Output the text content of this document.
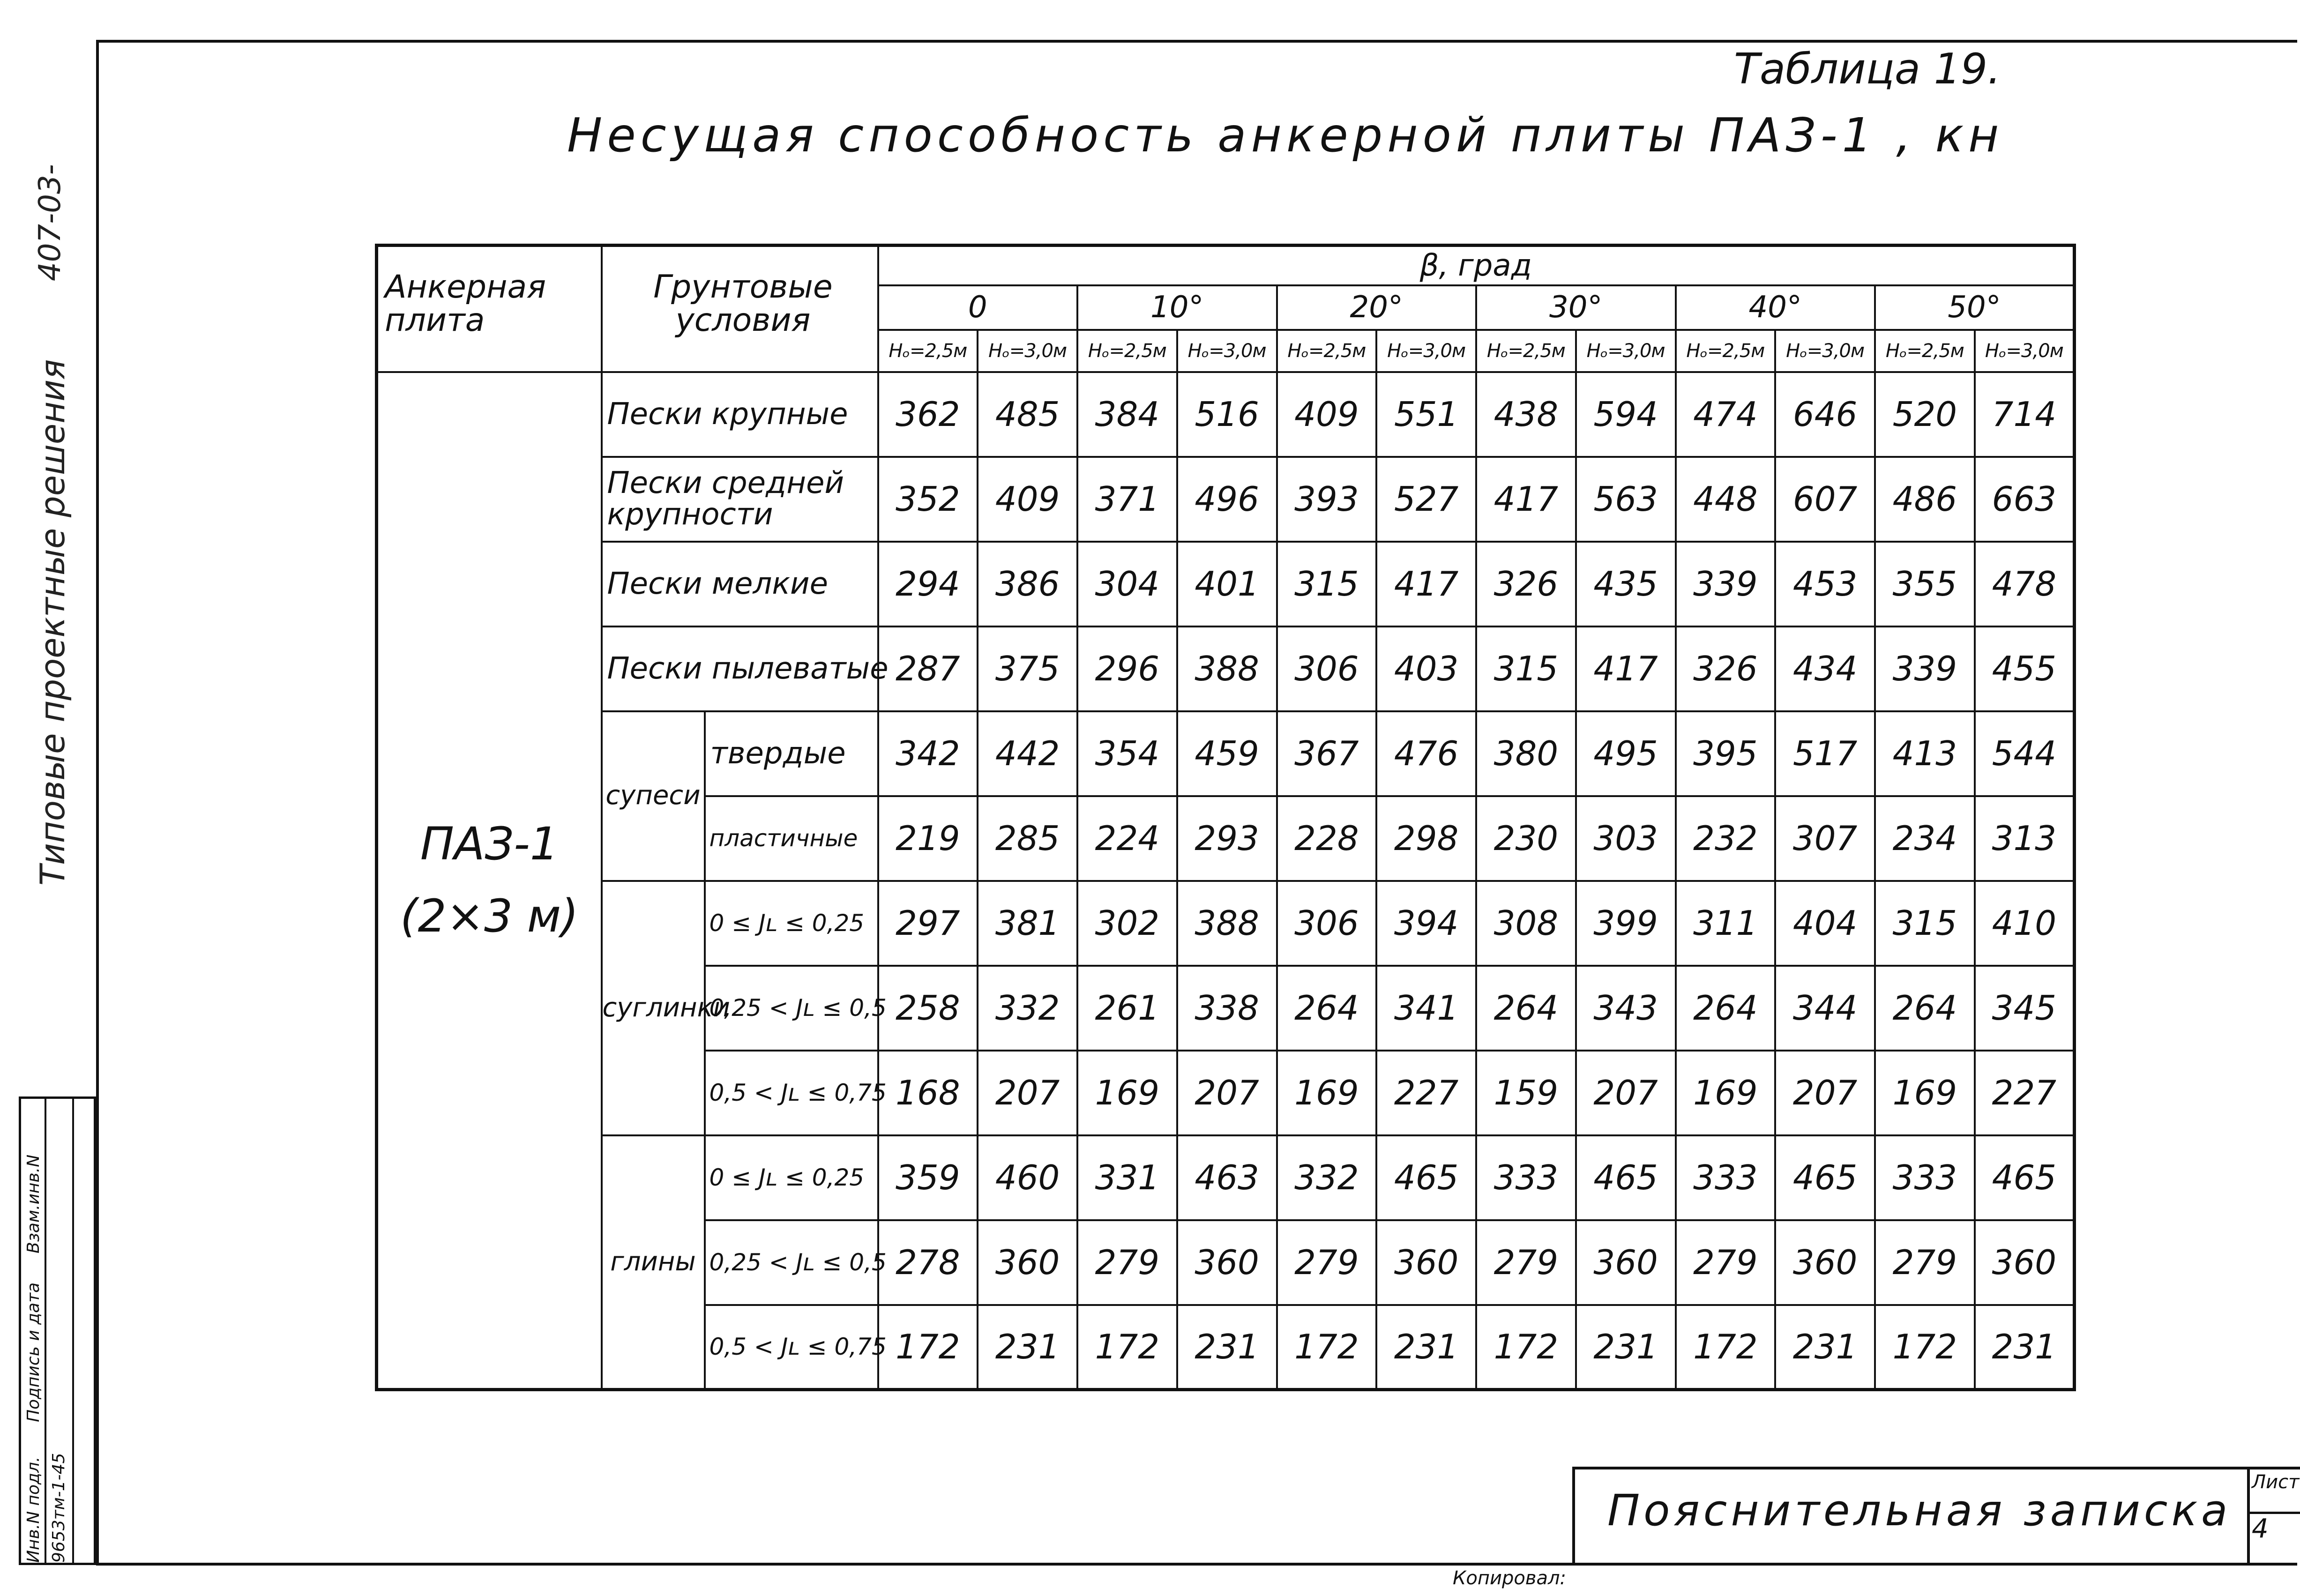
Типовые проектные решения
407-03-
Инв.N подл. 9653тм-1-45
Подпись и дата
Взам.инв.N
Таблица 19.
Несущая способность анкерной плиты ПАЗ-1 , кн
Анкерная плита	Грунтовые условия		β, град											
			0		10°		20°		30°		40°		50°	
			Hₒ=2,5м	Hₒ=3,0м	Hₒ=2,5м	Hₒ=3,0м	Hₒ=2,5м	Hₒ=3,0м	Hₒ=2,5м	Hₒ=3,0м	Hₒ=2,5м	Hₒ=3,0м	Hₒ=2,5м	Hₒ=3,0м

ПАЗ-1
(2×3 м)	Пески крупные		362	485	384	516	409	551	438	594	474	646	520	714
	Пески средней крупности		352	409	371	496	393	527	417	563	448	607	486	663
	Пески мелкие		294	386	304	401	315	417	326	435	339	453	355	478
	Пески пылеватые		287	375	296	388	306	403	315	417	326	434	339	455
	супеси	твердые	342	442	354	459	367	476	380	495	395	517	413	544
		пластичные	219	285	224	293	228	298	230	303	232	307	234	313
	суглинки	0 ≤ Jʟ ≤ 0,25	297	381	302	388	306	394	308	399	311	404	315	410
		0,25 < Jʟ ≤ 0,5	258	332	261	338	264	341	264	343	264	344	264	345
		0,5 < Jʟ ≤ 0,75	168	207	169	207	169	227	159	207	169	207	169	227
	глины	0 ≤ Jʟ ≤ 0,25	359	460	331	463	332	465	333	465	333	465	333	465
		0,25 < Jʟ ≤ 0,5	278	360	279	360	279	360	279	360	279	360	279	360
		0,5 < Jʟ ≤ 0,75	172	231	172	231	172	231	172	231	172	231	172	231
Пояснительная записка
Лист
4
Копировал:
